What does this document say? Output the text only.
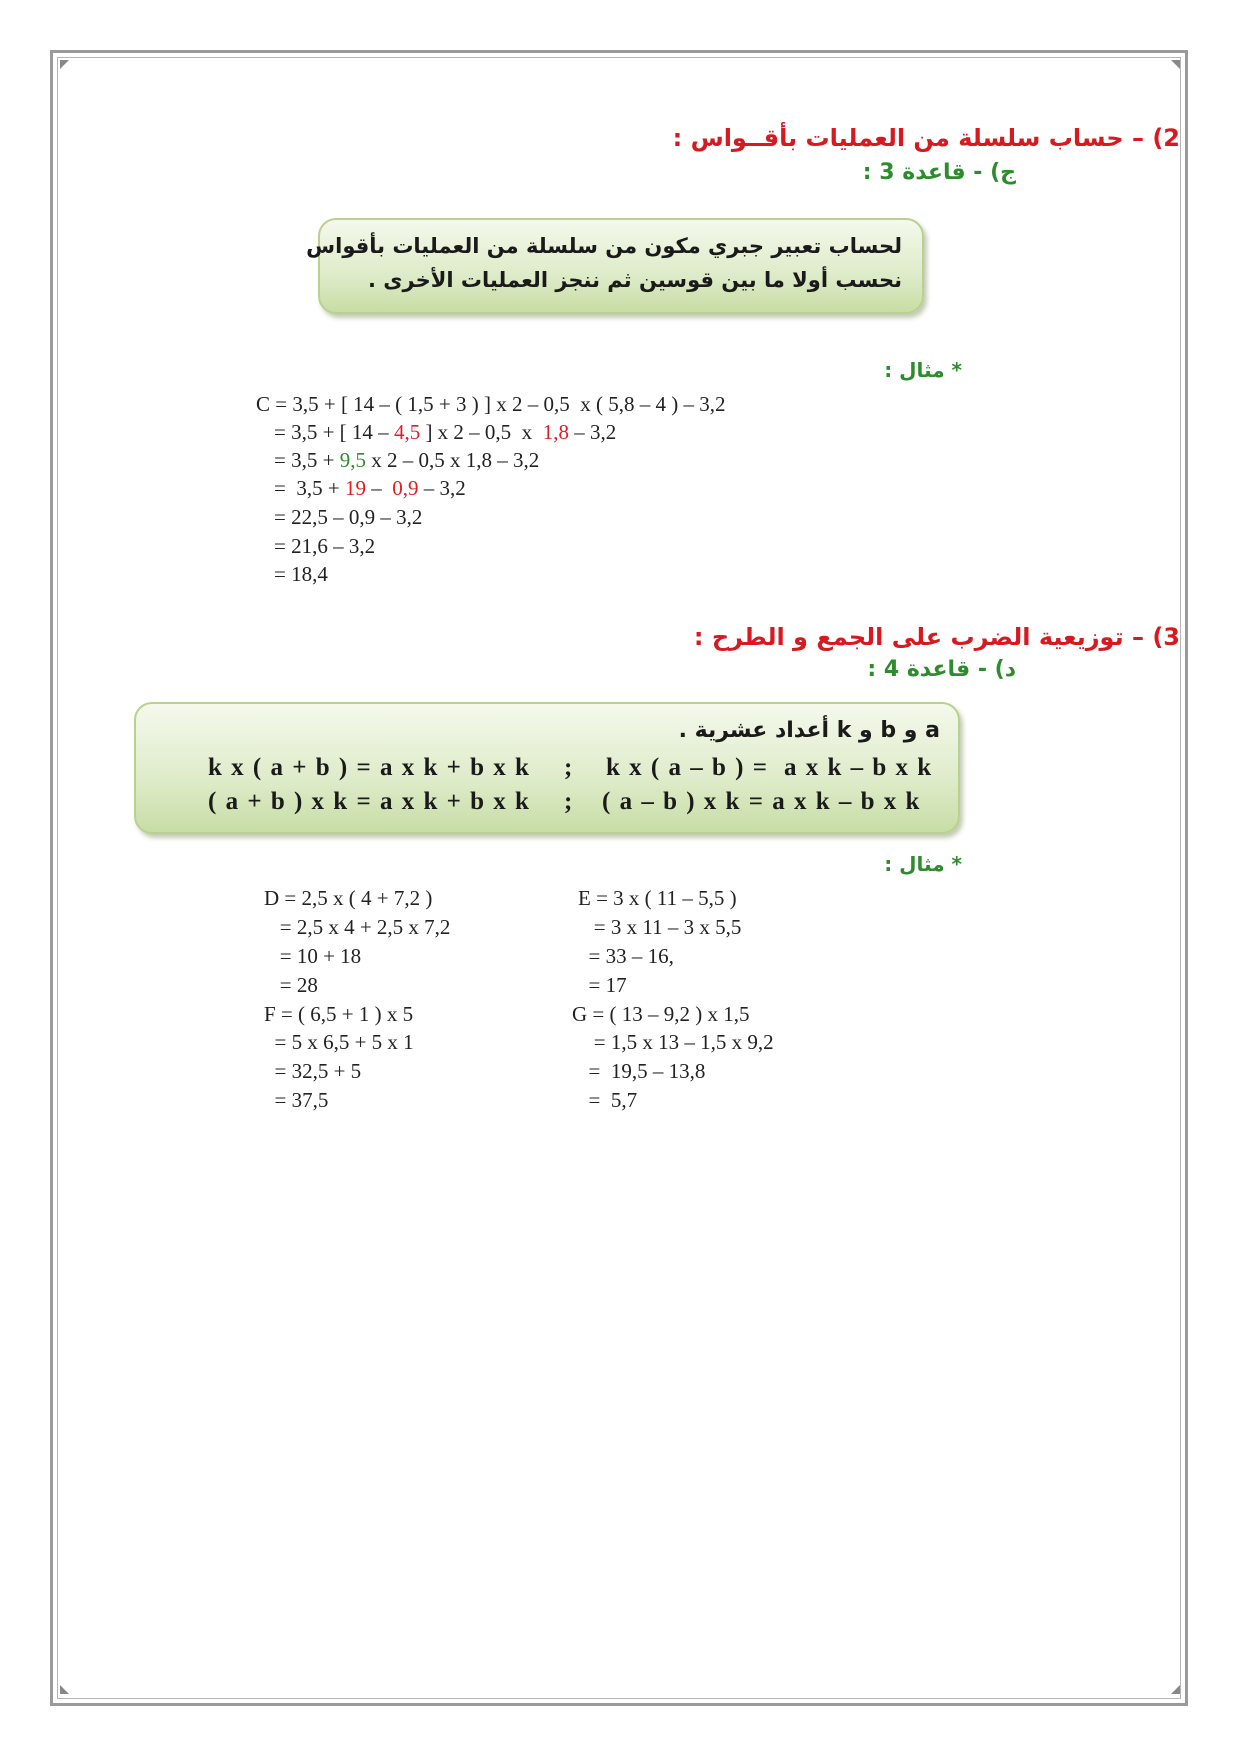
2) – حساب سلسلة من العمليات بأقــواس :
ج) - قاعدة 3 :
لحساب تعبير جبري مكون من سلسلة من العمليات بأقواس
نحسب أولا ما بين قوسين ثم ننجز العمليات الأخرى .
* مثال :
C = 3,5 + [ 14 – ( 1,5 + 3 ) ] x 2 – 0,5  x ( 5,8 – 4 ) – 3,2
= 3,5 + [ 14 – 4,5 ] x 2 – 0,5  x  1,8 – 3,2
= 3,5 + 9,5 x 2 – 0,5 x 1,8 – 3,2
=  3,5 + 19 –  0,9 – 3,2
= 22,5 – 0,9 – 3,2
= 21,6 – 3,2
= 18,4
3) – توزيعية الضرب على الجمع و الطرح :
د) - قاعدة 4 :
a و b و k أعداد عشرية .
k x ( a + b ) = a x k + b x k ; k x ( a – b ) =  a x k – b x k
( a + b ) x k = a x k + b x k ; ( a – b ) x k = a x k – b x k
* مثال :
D = 2,5 x ( 4 + 7,2 )
= 2,5 x 4 + 2,5 x 7,2
= 10 + 18
= 28
F = ( 6,5 + 1 ) x 5
= 5 x 6,5 + 5 x 1
= 32,5 + 5
= 37,5
E = 3 x ( 11 – 5,5 )
= 3 x 11 – 3 x 5,5
= 33 – 16,
= 17
G = ( 13 – 9,2 ) x 1,5
= 1,5 x 13 – 1,5 x 9,2
=  19,5 – 13,8
=  5,7
